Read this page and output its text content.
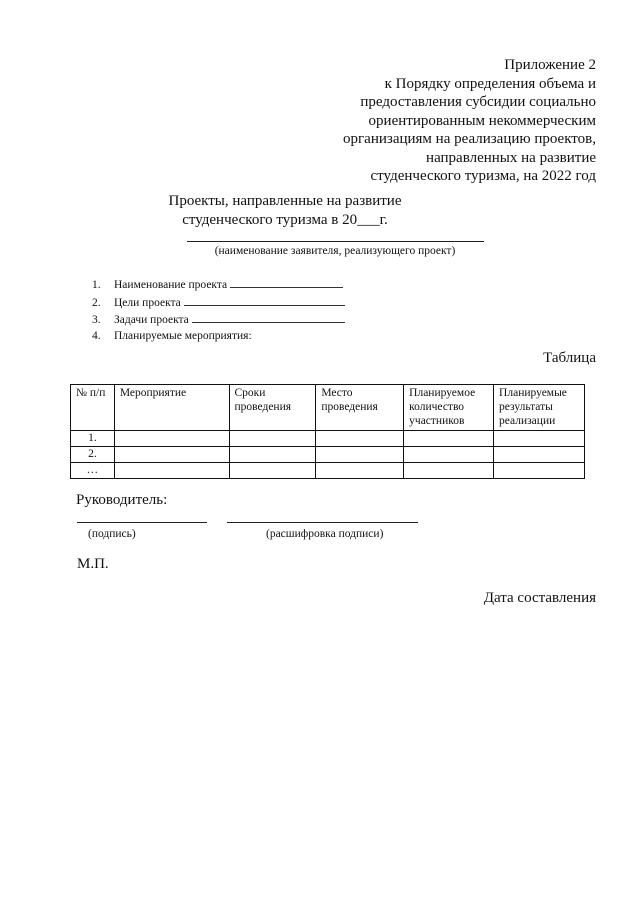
Приложение 2
к Порядку определения объема и
предоставления субсидии социально
ориентированным некоммерческим
организациям на реализацию проектов,
направленных на развитие
студенческого туризма, на 2022 год
Проекты, направленные на развитие
студенческого туризма в 20___г.
(наименование заявителя, реализующего проект)
1. Наименование проекта
2. Цели проекта
3. Задачи проекта
4. Планируемые мероприятия:
Таблица
№ п/п	Мероприятие	Сроки проведения	Место проведения	Планируемое количество участников	Планируемые результаты реализации
1.					
2.					
…					
Руководитель:
(подпись)	(расшифровка подписи)
М.П.
Дата составления
